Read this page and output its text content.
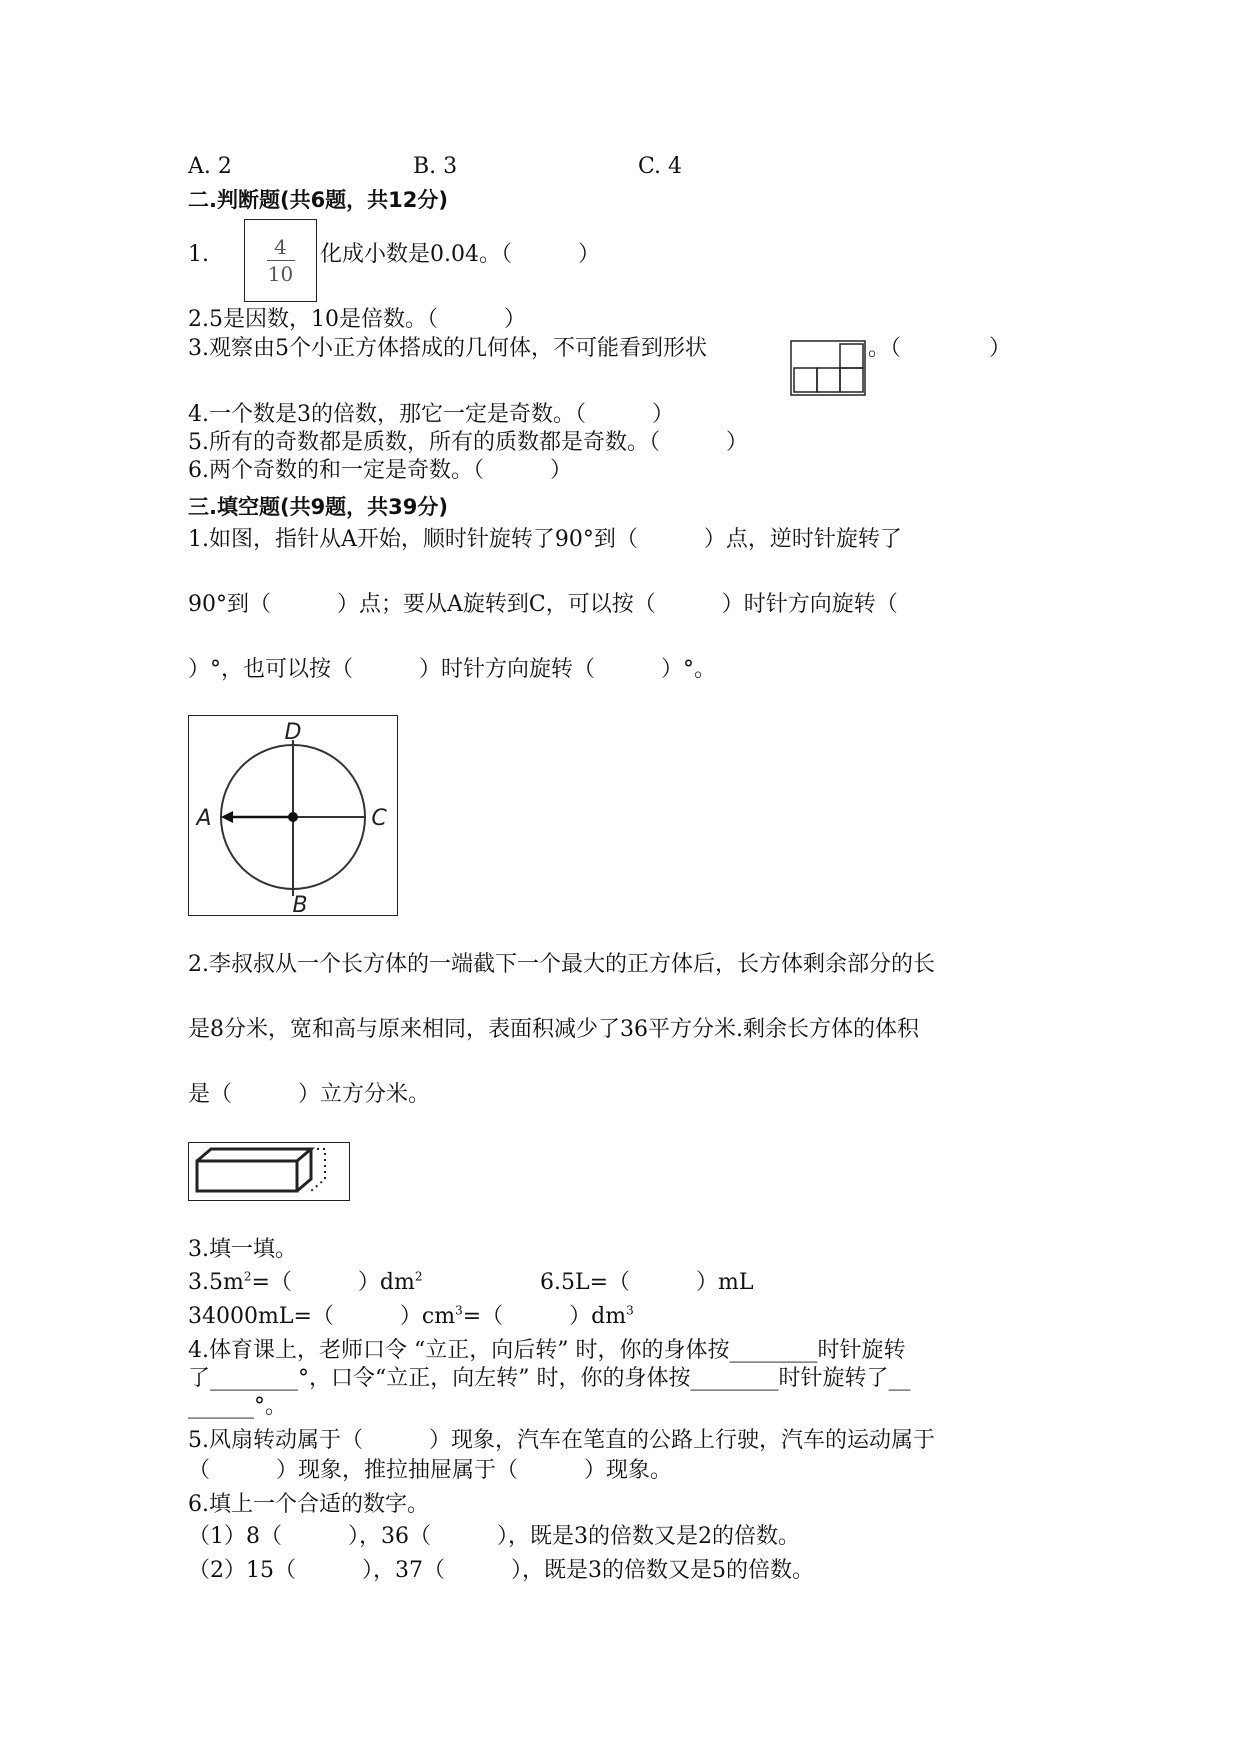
A. 2	B. 3	C. 4
二.判断题(共6题，共12分)
1.	$\frac{4}{10}$ 化成小数是0.04。（　　　）
2.5是因数，10是倍数。（　　　）
3.观察由5个小正方体搭成的几何体，不可能看到形状	。（　　　　）
4.一个数是3的倍数，那它一定是奇数。（　　　）
5.所有的奇数都是质数，所有的质数都是奇数。（　　　）
6.两个奇数的和一定是奇数。（　　　）
三.填空题(共9题，共39分)
1.如图，指针从A开始，顺时针旋转了90°到（　　　）点，逆时针旋转了
90°到（　　　）点；要从A旋转到C，可以按（　　　）时针方向旋转（
）°，也可以按（　　　）时针方向旋转（　　　）°。
D
A	C
B
2.李叔叔从一个长方体的一端截下一个最大的正方体后，长方体剩余部分的长
是8分米，宽和高与原来相同，表面积减少了36平方分米.剩余长方体的体积
是（　　　）立方分米。
3.填一填。
$3.5m^2=$（　　　）$dm^2$	6.5L=（　　　）mL
34000mL=（　　　）$cm^3=$（　　　）$dm^3$
4.体育课上，老师口令 “立正，向后转” 时，你的身体按________时针旋转
了________°，口令“立正，向左转” 时，你的身体按________时针旋转了__
______°。
5.风扇转动属于（　　　）现象，汽车在笔直的公路上行驶，汽车的运动属于
（　　　）现象，推拉抽屉属于（　　　）现象。
6.填上一个合适的数字。
（1）8（　　　），36（　　　），既是3的倍数又是2的倍数。
（2）15（　　　），37（　　　），既是3的倍数又是5的倍数。
